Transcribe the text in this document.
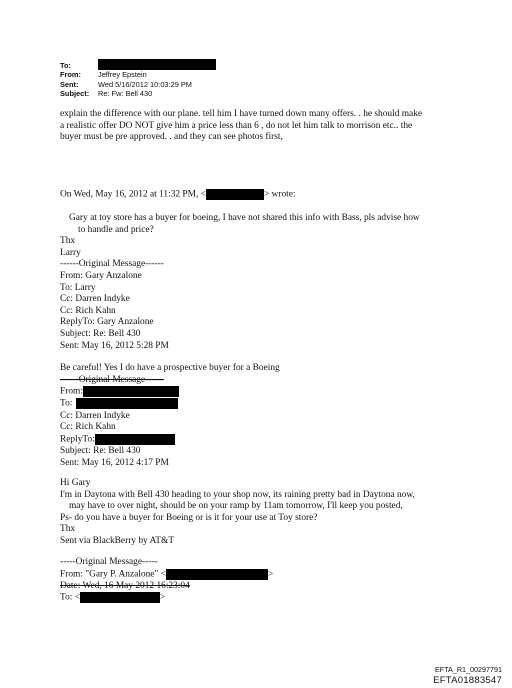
To:
From:	Jeffrey Epstein
Sent:	Wed 5/16/2012 10:03:29 PM
Subject:	Re: Fw: Bell 430
explain the difference with our plane. tell him I have turned down many offers. . he should make
a realistic offer DO NOT give him a price less than 6 , do not let him talk to morrison etc.. the
buyer must be pre approved. . and they can see photos first,
On Wed, May 16, 2012 at 11:32 PM, <	> wrote:
Gary at toy store has a buyer for boeing, I have not shared this info with Bass, pls advise how
to handle and price?
Thx
Larry
------Original Message------
From: Gary Anzalone
To: Larry
Cc: Darren Indyke
Cc: Rich Kahn
ReplyTo: Gary Anzalone
Subject: Re: Bell 430
Sent: May 16, 2012 5:28 PM
Be careful! Yes I do have a prospective buyer for a Boeing
------Original Message------
From:
To:
Cc: Darren Indyke
Cc: Rich Kahn
ReplyTo:
Subject: Re: Bell 430
Sent: May 16, 2012 4:17 PM
Hi Gary
I'm in Daytona with Bell 430 heading to your shop now, its raining pretty bad in Daytona now,
may have to over night, should be on your ramp by 11am tomorrow, I'll keep you posted,
Ps- do you have a buyer for Boeing or is it for your use at Toy store?
Thx
Sent via BlackBerry by AT&T
-----Original Message-----
From: "Gary P. Anzalone" <	>
Date: Wed, 16 May 2012 16:23:04
To: <	>
EFTA_R1_00297791
EFTA01883547
